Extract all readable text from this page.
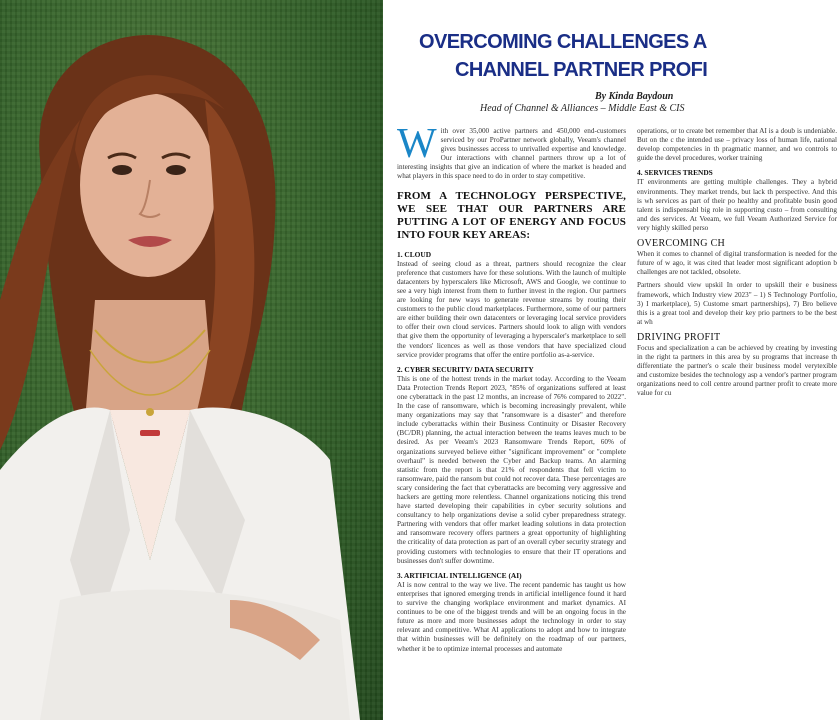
OVERCOMING CHALLENGES A
CHANNEL PARTNER PROFI
By Kinda Baydoun
Head of Channel & Alliances – Middle East & CIS

With over 35,000 active partners and 450,000 end-customers serviced by our ProPartner network globally, Veeam's channel gives businesses access to unrivalled expertise and knowledge. Our interactions with channel partners throw up a lot of interesting insights that give an indication of where the market is headed and what players in this space need to do in order to stay competitive.

FROM A TECHNOLOGY PERSPECTIVE, WE SEE THAT OUR PARTNERS ARE PUTTING A LOT OF ENERGY AND FOCUS INTO FOUR KEY AREAS:
1. CLOUD

Instead of seeing cloud as a threat, partners should recognize the clear preference that customers have for these solutions. With the launch of multiple datacenters by hyperscalers like Microsoft, AWS and Google, we continue to see a very high interest from them to further invest in the region. Our partners are looking for new ways to generate revenue streams by routing their customers to the public cloud marketplaces. Furthermore, some of our partners are either building their own datacenters or leveraging local service providers to offer their own cloud services. Partners should look to align with vendors that give them the opportunity of leveraging a hyperscaler's marketplace to sell the vendors' licences as well as those vendors that have specialized cloud service provider programs that offer the entire portfolio as-a-service.

2. CYBER SECURITY/ DATA SECURITY

This is one of the hottest trends in the market today. According to the Veeam Data Protection Trends Report 2023, "85% of organizations suffered at least one cyberattack in the past 12 months, an increase of 76% compared to 2022". In the case of ransomware, which is becoming increasingly prevalent, while many organizations may say that "ransomware is a disaster" and therefore include cyberattacks within their Business Continuity or Disaster Recovery (BC/DR) planning, the actual interaction between the teams leaves much to be desired. As per Veeam's 2023 Ransomware Trends Report, 60% of organizations surveyed believe either "significant improvement" or "complete overhaul" is needed between the Cyber and Backup teams. An alarming statistic from the report is that 21% of respondents that fell victim to ransomware, paid the ransom but could not recover data. These percentages are scary considering the fact that cyberattacks are becoming very aggressive and hackers are getting more relentless. Channel organizations noticing this trend have started developing their capabilities in cyber security solutions and consultancy to help organizations devise a solid cyber preparedness strategy. Partnering with vendors that offer market leading solutions in data protection and ransomware recovery offers partners a great opportunity of highlighting the criticality of data protection as part of an overall cyber security strategy and providing customers with technologies to ensure that their IT operations and businesses don't suffer downtime.

3. ARTIFICIAL INTELLIGENCE (AI)

AI is now central to the way we live. The recent pandemic has taught us how enterprises that ignored emerging trends in artificial intelligence found it hard to survive the changing workplace environment and market dynamics. AI continues to be one of the biggest trends and will be an ongoing focus in the future as more and more businesses adopt the technology in order to stay relevant and competitive. What AI applications to adopt and how to integrate that within businesses will be definitely on the roadmap of our partners, whether it be to optimize internal processes and automate

operations, or to create bet remember that AI is a doub is undeniable. But on the c the intended use – privacy loss of human life, national develop competencies in th pragmatic manner, and wo controls to guide the devel procedures, worker training

4. SERVICES TRENDS

IT environments are getting multiple challenges. They a hybrid environments. They market trends, but lack th perspective. And this is wh services as part of their po healthy and profitable busin good talent is indispensabl big role in supporting custo – from consulting and des services. At Veeam, we full Veeam Authorized Service for very highly skilled perso

OVERCOMING CH

When it comes to channel of digital transformation is needed for the future of w ago, it was cited that leader most significant adoption b challenges are not tackled, obsolete.

Partners should view upskil In order to upskill their e business framework, which Industry view 2023" – 1) S Technology Portfolio, 3) I marketplace), 5) Custome smart partnerships), 7) Bro believe this is a great tool and develop their key prio partners to be the best at wh

DRIVING PROFIT

Focus and specialization a can be achieved by creating by investing in the right ta partners in this area by su programs that increase th differentiate the partner's o scale their business model verytexible and customize besides the technology asp a vendor's partner program organizations need to coll centre around partner profit to create more value for cu
